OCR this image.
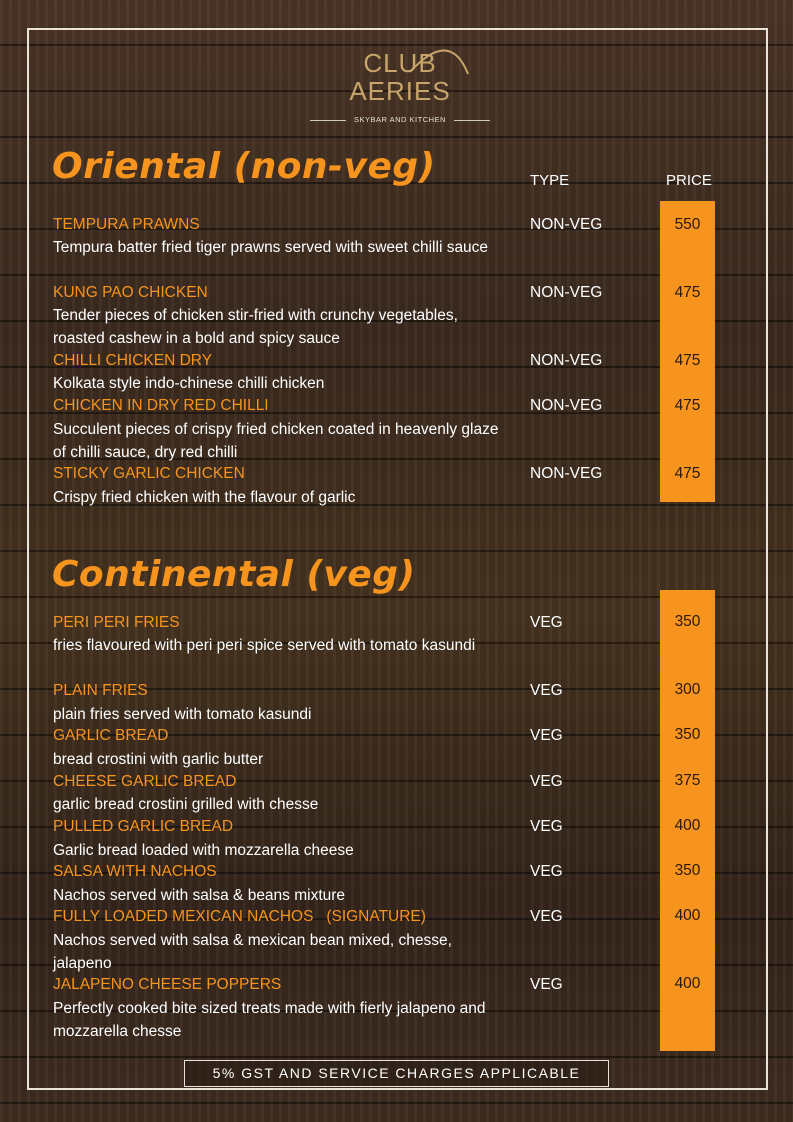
CLUB
AERIES
SKYBAR AND KITCHEN
Oriental (non-veg)	TYPE	PRICE
TEMPURA PRAWNS
Tempura batter fried tiger prawns served with sweet chilli sauce
NON-VEG	550
KUNG PAO CHICKEN
Tender pieces of chicken stir-fried with crunchy vegetables, roasted cashew in a bold and spicy sauce
NON-VEG	475
CHILLI CHICKEN DRY
Kolkata style indo-chinese chilli chicken
NON-VEG	475
CHICKEN IN DRY RED CHILLI
Succulent pieces of crispy fried chicken coated in heavenly glaze of chilli sauce, dry red chilli
NON-VEG	475
STICKY GARLIC CHICKEN
Crispy fried chicken with the flavour of garlic
NON-VEG	475
Continental (veg)
PERI PERI FRIES
fries flavoured with peri peri spice served with tomato kasundi
VEG	350
PLAIN FRIES
plain fries served with tomato kasundi
VEG	300
GARLIC BREAD
bread crostini with garlic butter
VEG	350
CHEESE GARLIC BREAD
garlic bread crostini grilled with chesse
VEG	375
PULLED GARLIC BREAD
Garlic bread loaded with mozzarella cheese
VEG	400
SALSA WITH NACHOS
Nachos served with salsa & beans mixture
VEG	350
FULLY LOADED MEXICAN NACHOS   (SIGNATURE)
Nachos served with salsa & mexican bean mixed, chesse, jalapeno
VEG	400
JALAPENO CHEESE POPPERS
Perfectly cooked bite sized treats made with fierly jalapeno and mozzarella chesse
VEG	400
5% GST AND SERVICE CHARGES APPLICABLE
